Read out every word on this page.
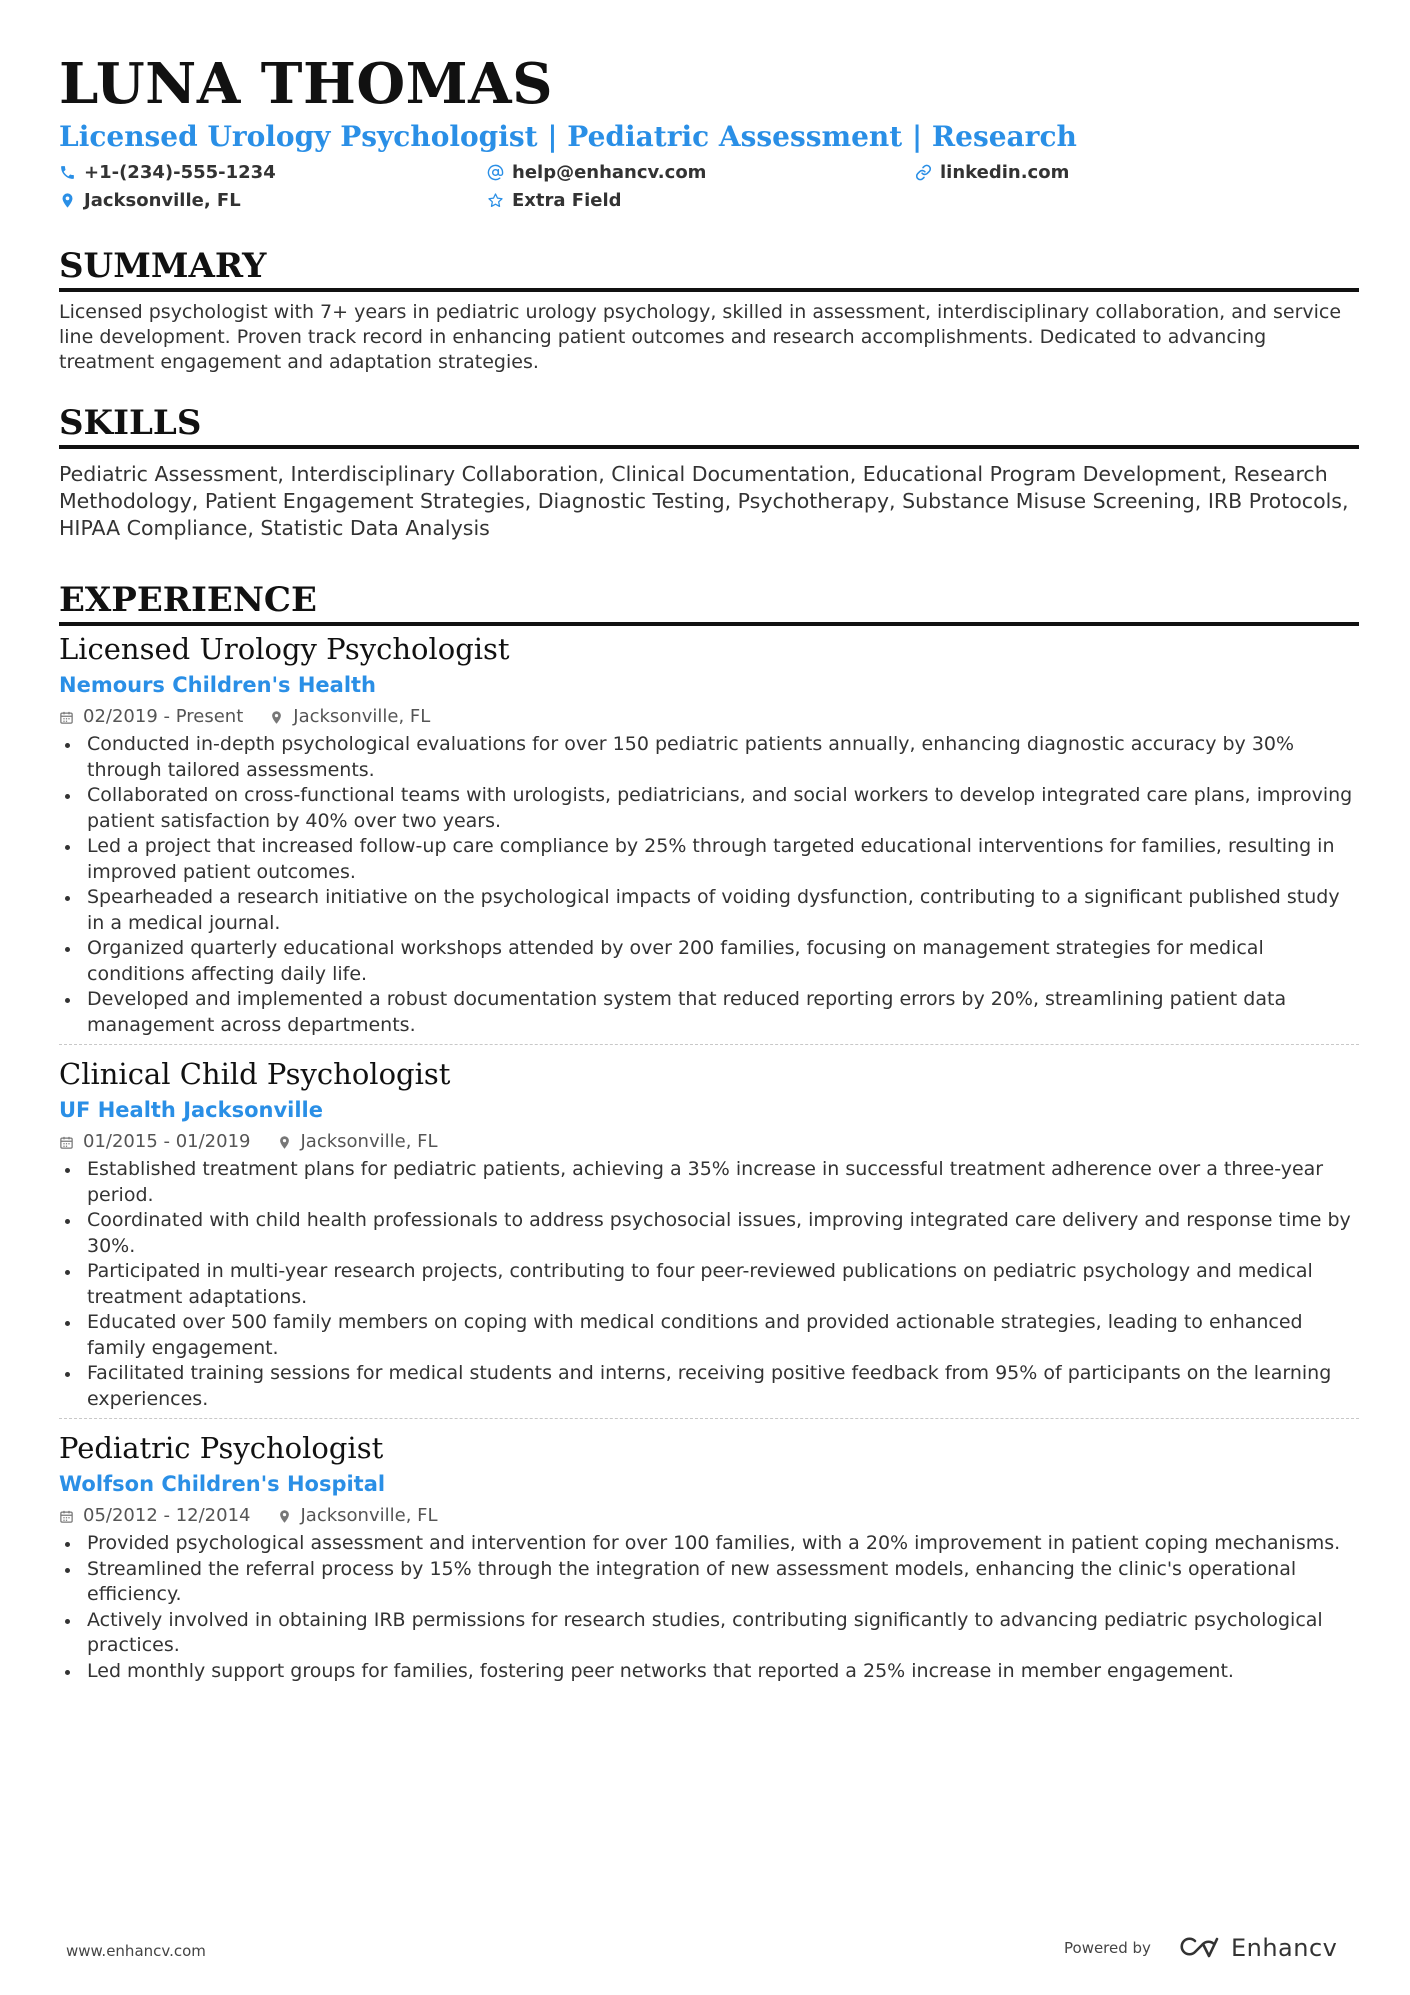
LUNA THOMAS
Licensed Urology Psychologist | Pediatric Assessment | Research
+1-(234)-555-1234	help@enhancv.com	linkedin.com
Jacksonville, FL	Extra Field
SUMMARY

Licensed psychologist with 7+ years in pediatric urology psychology, skilled in assessment, interdisciplinary collaboration, and service line development. Proven track record in enhancing patient outcomes and research accomplishments. Dedicated to advancing treatment engagement and adaptation strategies.

SKILLS

Pediatric Assessment, Interdisciplinary Collaboration, Clinical Documentation, Educational Program Development, Research Methodology, Patient Engagement Strategies, Diagnostic Testing, Psychotherapy, Substance Misuse Screening, IRB Protocols, HIPAA Compliance, Statistic Data Analysis

EXPERIENCE
Licensed Urology Psychologist
Nemours Children's Health
02/2019 - Present	Jacksonville, FL
Conducted in-depth psychological evaluations for over 150 pediatric patients annually, enhancing diagnostic accuracy by 30% through tailored assessments.
Collaborated on cross-functional teams with urologists, pediatricians, and social workers to develop integrated care plans, improving patient satisfaction by 40% over two years.
Led a project that increased follow-up care compliance by 25% through targeted educational interventions for families, resulting in improved patient outcomes.
Spearheaded a research initiative on the psychological impacts of voiding dysfunction, contributing to a significant published study in a medical journal.
Organized quarterly educational workshops attended by over 200 families, focusing on management strategies for medical conditions affecting daily life.
Developed and implemented a robust documentation system that reduced reporting errors by 20%, streamlining patient data management across departments.
Clinical Child Psychologist
UF Health Jacksonville
01/2015 - 01/2019	Jacksonville, FL
Established treatment plans for pediatric patients, achieving a 35% increase in successful treatment adherence over a three-year period.
Coordinated with child health professionals to address psychosocial issues, improving integrated care delivery and response time by 30%.
Participated in multi-year research projects, contributing to four peer-reviewed publications on pediatric psychology and medical treatment adaptations.
Educated over 500 family members on coping with medical conditions and provided actionable strategies, leading to enhanced family engagement.
Facilitated training sessions for medical students and interns, receiving positive feedback from 95% of participants on the learning experiences.
Pediatric Psychologist
Wolfson Children's Hospital
05/2012 - 12/2014	Jacksonville, FL
Provided psychological assessment and intervention for over 100 families, with a 20% improvement in patient coping mechanisms.
Streamlined the referral process by 15% through the integration of new assessment models, enhancing the clinic's operational efficiency.
Actively involved in obtaining IRB permissions for research studies, contributing significantly to advancing pediatric psychological practices.
Led monthly support groups for families, fostering peer networks that reported a 25% increase in member engagement.
www.enhancv.com	Powered by	Enhancv
